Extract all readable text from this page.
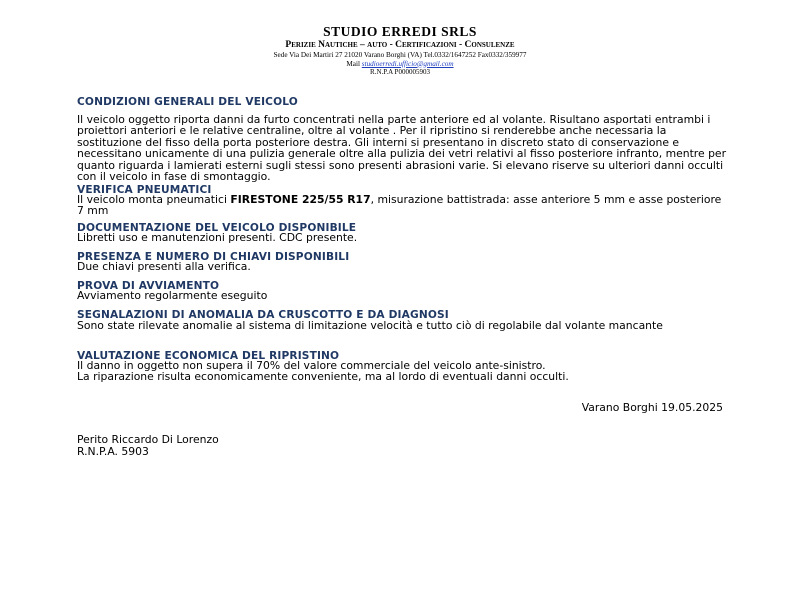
STUDIO ERREDI SRLS
Perizie Nautiche – auto - Certificazioni - Consulenze
Sede Via Dei Martiri 27 21020 Varano Borghi (VA) Tel.0332/1647252 Fax0332/359977
Mail studioerredi.ufficio@gmail.com
R.N.P.A P000005903
CONDIZIONI GENERALI DEL VEICOLO
Il veicolo oggetto riporta danni da furto concentrati nella parte anteriore ed al volante. Risultano asportati entrambi i proiettori anteriori e le relative centraline, oltre al volante . Per il ripristino si renderebbe anche necessaria la sostituzione del fisso della porta posteriore destra. Gli interni si presentano in discreto stato di conservazione e necessitano unicamente di una pulizia generale oltre alla pulizia dei vetri relativi al fisso posteriore infranto, mentre per quanto riguarda i lamierati esterni sugli stessi sono presenti abrasioni varie. Si elevano riserve su ulteriori danni occulti con il veicolo in fase di smontaggio.
VERIFICA PNEUMATICI
Il veicolo monta pneumatici FIRESTONE 225/55 R17, misurazione battistrada: asse anteriore 5 mm e asse posteriore 7 mm
DOCUMENTAZIONE DEL VEICOLO DISPONIBILE
Libretti uso e manutenzioni presenti. CDC presente.
PRESENZA E NUMERO DI CHIAVI DISPONIBILI
Due chiavi presenti alla verifica.
PROVA DI AVVIAMENTO
Avviamento regolarmente eseguito
SEGNALAZIONI DI ANOMALIA DA CRUSCOTTO E DA DIAGNOSI
Sono state rilevate anomalie al sistema di limitazione velocità e tutto ciò di regolabile dal volante mancante
VALUTAZIONE ECONOMICA DEL RIPRISTINO

Il danno in oggetto non supera il 70% del valore commerciale del veicolo ante-sinistro.

La riparazione risulta economicamente conveniente, ma al lordo di eventuali danni occulti.

Varano Borghi 19.05.2025
Perito Riccardo Di Lorenzo
R.N.P.A. 5903
